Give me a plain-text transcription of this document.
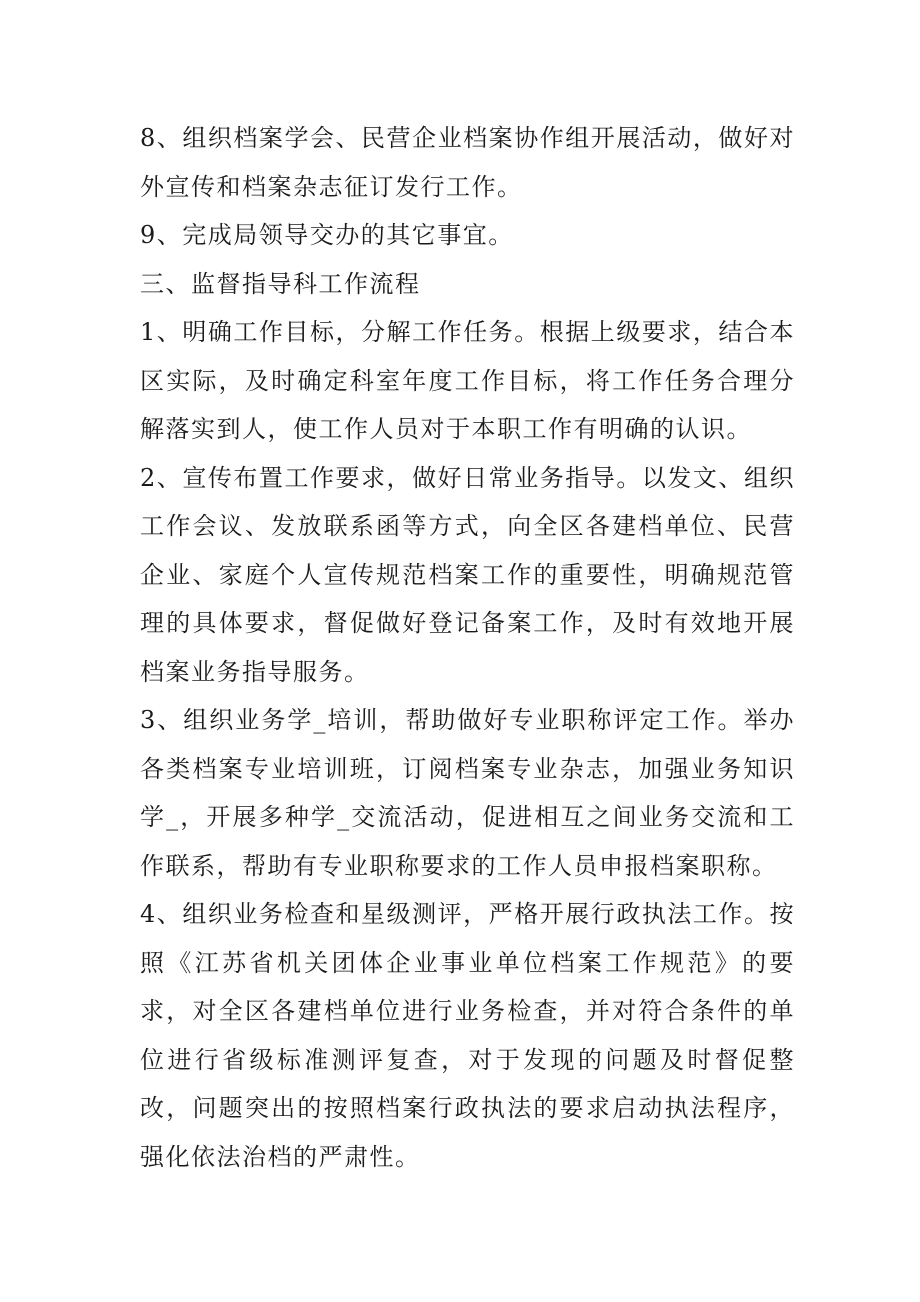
8、组织档案学会、民营企业档案协作组开展活动，做好对外宣传和档案杂志征订发行工作。

9、完成局领导交办的其它事宜。

三、监督指导科工作流程

1、明确工作目标，分解工作任务。根据上级要求，结合本区实际，及时确定科室年度工作目标，将工作任务合理分解落实到人，使工作人员对于本职工作有明确的认识。

2、宣传布置工作要求，做好日常业务指导。以发文、组织工作会议、发放联系函等方式，向全区各建档单位、民营企业、家庭个人宣传规范档案工作的重要性，明确规范管理的具体要求，督促做好登记备案工作，及时有效地开展档案业务指导服务。

3、组织业务学_培训，帮助做好专业职称评定工作。举办各类档案专业培训班，订阅档案专业杂志，加强业务知识学_，开展多种学_交流活动，促进相互之间业务交流和工作联系，帮助有专业职称要求的工作人员申报档案职称。

4、组织业务检查和星级测评，严格开展行政执法工作。按照《江苏省机关团体企业事业单位档案工作规范》的要求，对全区各建档单位进行业务检查，并对符合条件的单位进行省级标准测评复查，对于发现的问题及时督促整改，问题突出的按照档案行政执法的要求启动执法程序，强化依法治档的严肃性。
